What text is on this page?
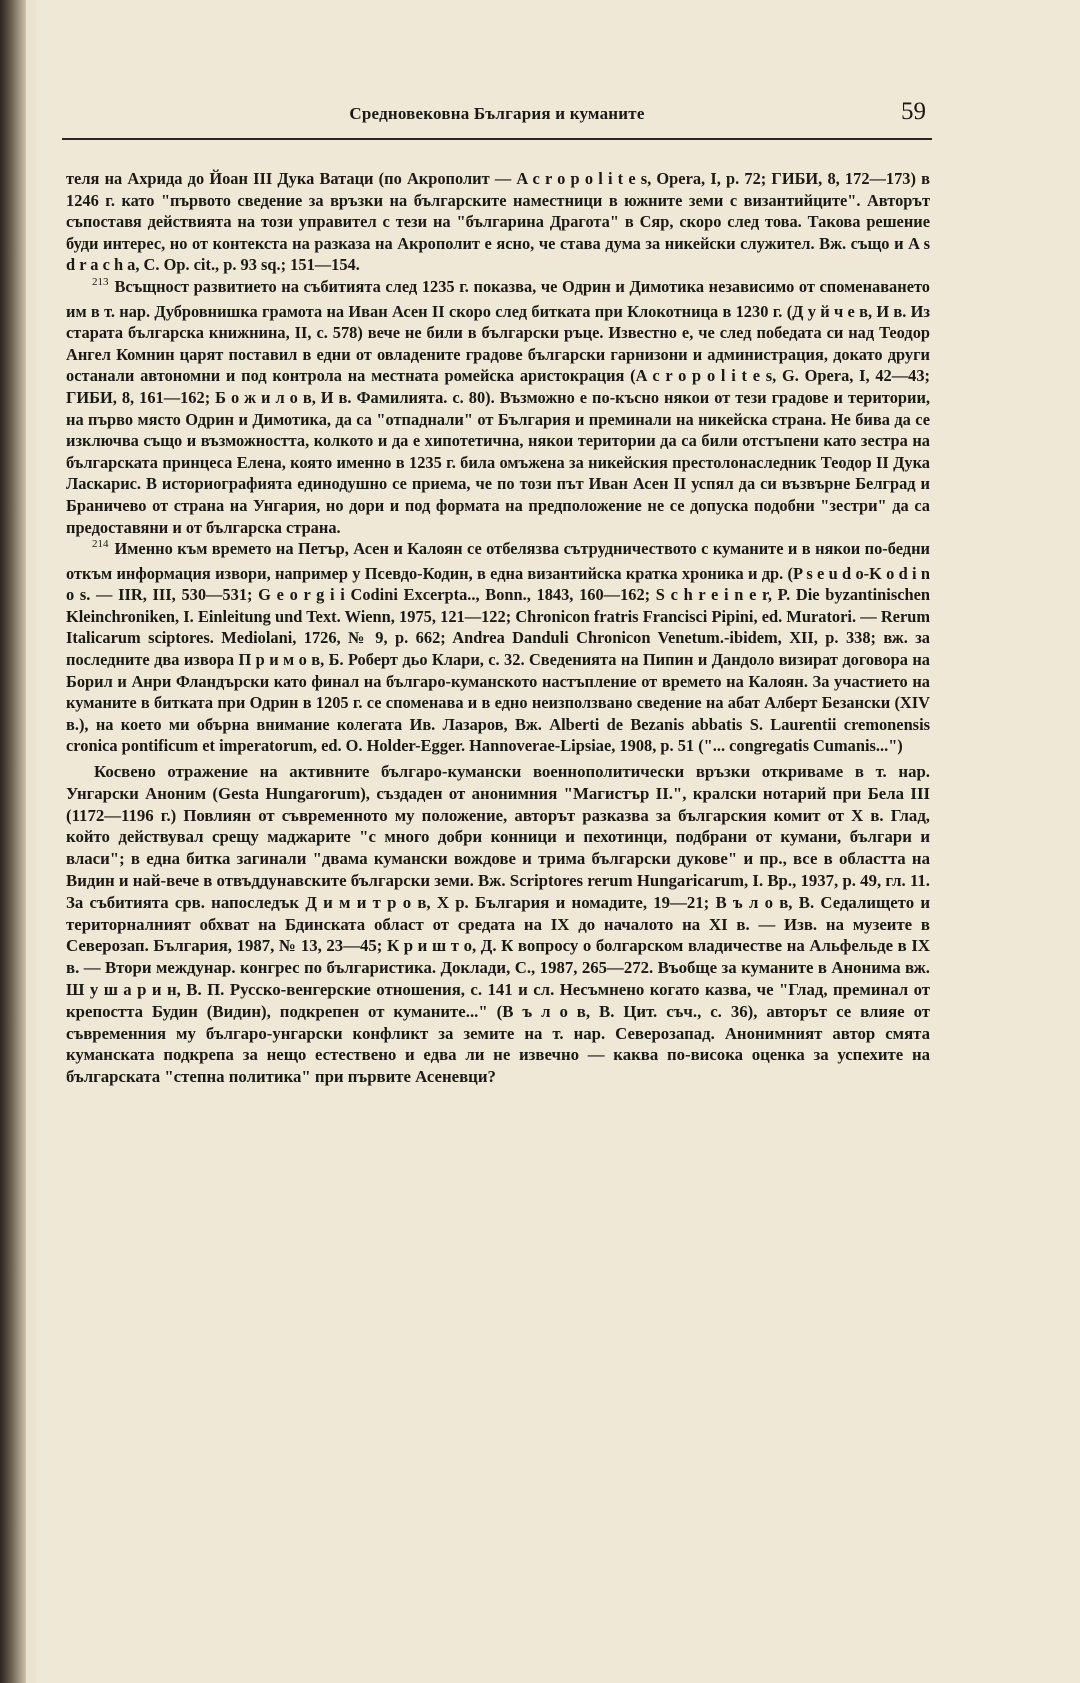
Средновековна България и куманите	59

теля на Ахрида до Йоан III Дука Ватаци (по Акрополит — A c r o p o l i t e s, Opera, I, p. 72; ГИБИ, 8, 172—173) в 1246 г. като "първото сведение за връзки на българските наместници в южните земи с византийците". Авторът съпоставя действията на този управител с тези на "българина Драгота" в Сяр, скоро след това. Такова решение буди интерес, но от контекста на разказа на Акрополит е ясно, че става дума за никейски служител. Вж. също и A s d r a c h a, C. Op. cit., p. 93 sq.; 151—154.

$^{213}$ Всъщност развитието на събитията след 1235 г. показва, че Одрин и Димотика независимо от споменаването им в т. нар. Дубровнишка грамота на Иван Асен II скоро след битката при Клокотница в 1230 г. (Д у й ч е в, И в. Из старата българска книжнина, II, с. 578) вече не били в български ръце. Известно е, че след победата си над Теодор Ангел Комнин царят поставил в едни от овладените градове български гарнизони и администрация, докато други останали автономни и под контрола на местната ромейска аристокрация (A c r o p o l i t e s, G. Opera, I, 42—43; ГИБИ, 8, 161—162; Б о ж и л о в, И в. Фамилията. с. 80). Възможно е по-късно някои от тези градове и територии, на първо място Одрин и Димотика, да са "отпаднали" от България и преминали на никейска страна. Не бива да се изключва също и възможността, колкото и да е хипотетична, някои територии да са били отстъпени като зестра на българската принцеса Елена, която именно в 1235 г. била омъжена за никейския престолонаследник Теодор II Дука Ласкарис. В историографията единодушно се приема, че по този път Иван Асен II успял да си възвърне Белград и Браничево от страна на Унгария, но дори и под формата на предположение не се допуска подобни "зестри" да са предоставяни и от българска страна.

$^{214}$ Именно към времето на Петър, Асен и Калоян се отбелязва сътрудничеството с куманите и в някои по-бедни откъм информация извори, например у Псевдо-Кодин, в една византийска кратка хроника и др. (P s e u d o-K o d i n o s. — IIR, III, 530—531; G e o r g i i Codini Excerpta.., Bonn., 1843, 160—162; S c h r e i n e r, P. Die byzantinischen Kleinchroniken, I. Einleitung und Text. Wienn, 1975, 121—122; Chronicon fratris Francisci Pipini, ed. Muratori. — Rerum Italicarum sciptores. Mediolani, 1726, № 9, p. 662; Andrea Danduli Chronicon Venetum.-ibidem, XII, p. 338; вж. за последните два извора П р и м о в, Б. Роберт дьо Клари, с. 32. Сведенията на Пипин и Дандоло визират договора на Борил и Анри Фландърски като финал на българо-куманското настъпление от времето на Калоян. За участието на куманите в битката при Одрин в 1205 г. се споменава и в едно неизползвано сведение на абат Алберт Безански (XIV в.), на което ми обърна внимание колегата Ив. Лазаров, Вж. Alberti de Bezanis abbatis S. Laurentii cremonensis cronica pontificum et imperatorum, ed. O. Holder-Egger. Hannoverae-Lipsiae, 1908, p. 51 ("... congregatis Cumanis...")

Косвено отражение на активните българо-кумански военнополитически връзки откриваме в т. нар. Унгарски Аноним (Gesta Hungarorum), създаден от анонимния "Магистър II.", кралски нотарий при Бела III (1172—1196 г.) Повлиян от съвременното му положение, авторът разказва за българския комит от Х в. Глад, който действувал срещу маджарите "с много добри конници и пехотинци, подбрани от кумани, българи и власи"; в една битка загинали "двама кумански вождове и трима български дукове" и пр., все в областта на Видин и най-вече в отвъддунавските български земи. Вж. Scriptores rerum Hungaricarum, I. Bp., 1937, p. 49, гл. 11. За събитията срв. напоследък Д и м и т р о в, Х р. България и номадите, 19—21; В ъ л о в, В. Седалището и територналният обхват на Бдинската област от средата на IX до началото на XI в. — Изв. на музеите в Северозап. България, 1987, № 13, 23—45; К р и ш т о, Д. К вопросу о болгарском владичестве на Альфельде в IX в. — Втори междунар. конгрес по българистика. Доклади, С., 1987, 265—272. Въобще за куманите в Анонима вж. Ш у ш а р и н, В. П. Русско-венгерские отношения, с. 141 и сл. Несъмнено когато казва, че "Глад, преминал от крепостта Будин (Видин), подкрепен от куманите..." (В ъ л о в, В. Цит. съч., с. 36), авторът се влияе от съвременния му българо-унгарски конфликт за земите на т. нар. Северозапад. Анонимният автор смята куманската подкрепа за нещо естествено и едва ли не извечно — каква по-висока оценка за успехите на българската "степна политика" при първите Асеневци?
